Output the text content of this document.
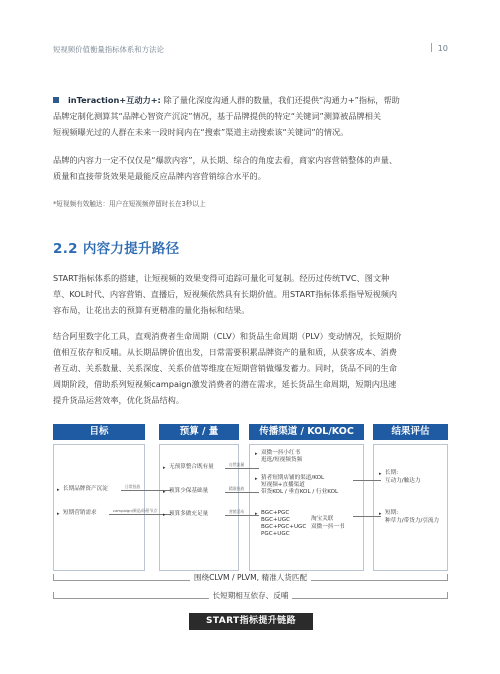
短视频价值衡量指标体系和方法论	10
inTeraction+互动力+: 除了量化深度沟通人群的数量，我们还提供“沟通力+”指标，帮助
品牌定制化测算其“品牌心智资产沉淀”情况，基于品牌提供的特定“关键词”测算被品牌相关
短视频曝光过的人群在未来一段时间内在“搜索”渠道主动搜索该“关键词”的情况。
品牌的内容力一定不仅仅是“爆款内容”，从长期、综合的角度去看，商家内容营销整体的声量、
质量和直接带货效果是最能反应品牌内容营销综合水平的。
*短视频有效触达：用户在短视频停留时长在3秒以上
2.2 内容力提升路径
START指标体系的搭建，让短视频的效果变得可追踪可量化可复制。经历过传统TVC、图文种
草、KOL时代、内容营销、直播后，短视频依然具有长期价值。用START指标体系指导短视频内
容布局，让花出去的预算有更精准的量化指标和结果。
结合阿里数字化工具，直观消费者生命周期（CLV）和货品生命周期（PLV）变动情况，长短期价
值相互依存和反哺。从长期品牌价值出发，日常需要积累品牌资产的量和质，从获客成本、消费
者互动、关系数量、关系深度、关系价值等维度在短期营销做爆发蓄力。同时，货品不同的生命
周期阶段，借助系列短视频campaign激发消费者的潜在需求，延长货品生命周期，短期内迅速
提升货品运营效率，优化货品结构。
目标	预算 / 量	传播渠道 / KOL/KOC	结果评估
▸ 长期品牌资产沉淀
▸ 短期营销需求
日常投放
campaign/新品/场景节点
▸ 无预算整合既有量
▸ 预算少保基础量
▸ 预算多做充足量
自然流量
精准投放
营销活动
▸ 双微一抖小红书
逛逛/短视频货频
▸ 猜者短期店铺的渠道/KOL
短视频+直播渠道
带货KOL / 垂直KOL / 行业KOL
▸ BGC+PGC
BGC+UGC
BGC+PGC+UGC
PGC+UGC
淘宝关联
双微一抖一书
▸ 长期:
互动力/触达力
▸ 短期:
种草力/带货力/引流力
围绕CLVM / PLVM, 精准人货匹配
长短期相互依存、反哺
START指标提升链路
